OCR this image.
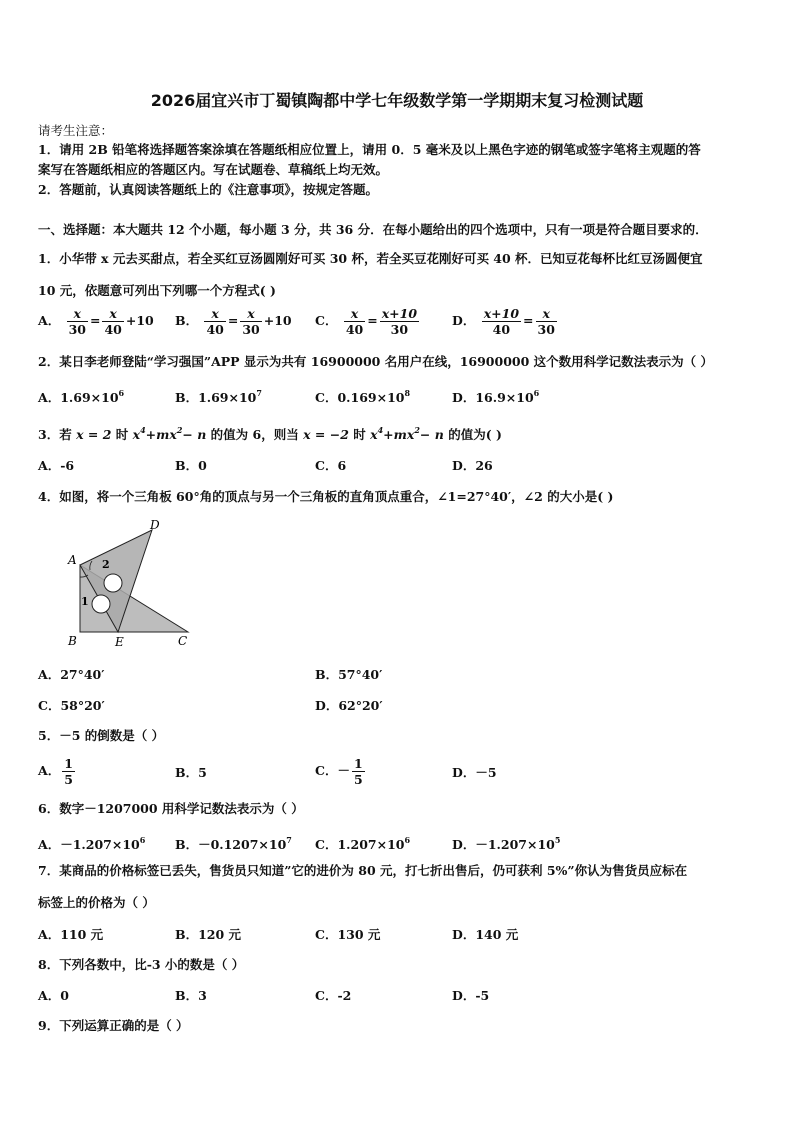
2026届宜兴市丁蜀镇陶都中学七年级数学第一学期期末复习检测试题
请考生注意：
1．请用 2B 铅笔将选择题答案涂填在答题纸相应位置上，请用 0．5 毫米及以上黑色字迹的钢笔或签字笔将主观题的答
案写在答题纸相应的答题区内。写在试题卷、草稿纸上均无效。
2．答题前，认真阅读答题纸上的《注意事项》，按规定答题。
一、选择题：本大题共 12 个小题，每小题 3 分，共 36 分．在每小题给出的四个选项中，只有一项是符合题目要求的．
1．小华带 x 元去买甜点，若全买红豆汤圆刚好可买 30 杯，若全买豆花刚好可买 40 杯．已知豆花每杯比红豆汤圆便宜
10 元，依题意可列出下列哪一个方程式( )
A． $\frac{x}{30} = \frac{x}{40} +10$ B． $\frac{x}{40} = \frac{x}{30} +10$ C． $\frac{x}{40} = \frac{x+10}{30}$	D． $\frac{x+10}{40} = \frac{x}{30}$
2．某日李老师登陆“学习强国”APP 显示为共有 16900000 名用户在线，16900000 这个数用科学记数法表示为（ ）
A．$1.69\times 10^6$	B．$1.69\times 10^7$	C．$0.169\times 10^8$	D．$16.9\times 10^6$
3．若 x = 2 时 $x^4+mx^2- n$ 的值为 6，则当 x = −2 时 $x^4+mx^2- n$ 的值为( )
A．-6	B．0	C．6	D．26
4．如图，将一个三角板 60°角的顶点与另一个三角板的直角顶点重合，∠1=27°40′，∠2 的大小是( )
A
B	C
D
E
2
1
A．27°40′	B．57°40′
C．58°20′	D．62°20′
5．－5 的倒数是（ ）
A． $\frac{1}{5}$	B．5	C．－ $\frac{1}{5}$	D．－5
6．数字－1207000 用科学记数法表示为（ ）
A．$-1.207\times 10^6$ B．$-0.1207\times 10^7$ C．$1.207\times 10^6$	D．$-1.207\times 10^5$
7．某商品的价格标签已丢失，售货员只知道”它的进价为 80 元，打七折出售后，仍可获利 5%”你认为售货员应标在
标签上的价格为（ ）
A．110 元	B．120 元	C．130 元	D．140 元
8．下列各数中，比-3 小的数是（ ）
A．0	B．3	C．-2	D．-5
9．下列运算正确的是（ ）
